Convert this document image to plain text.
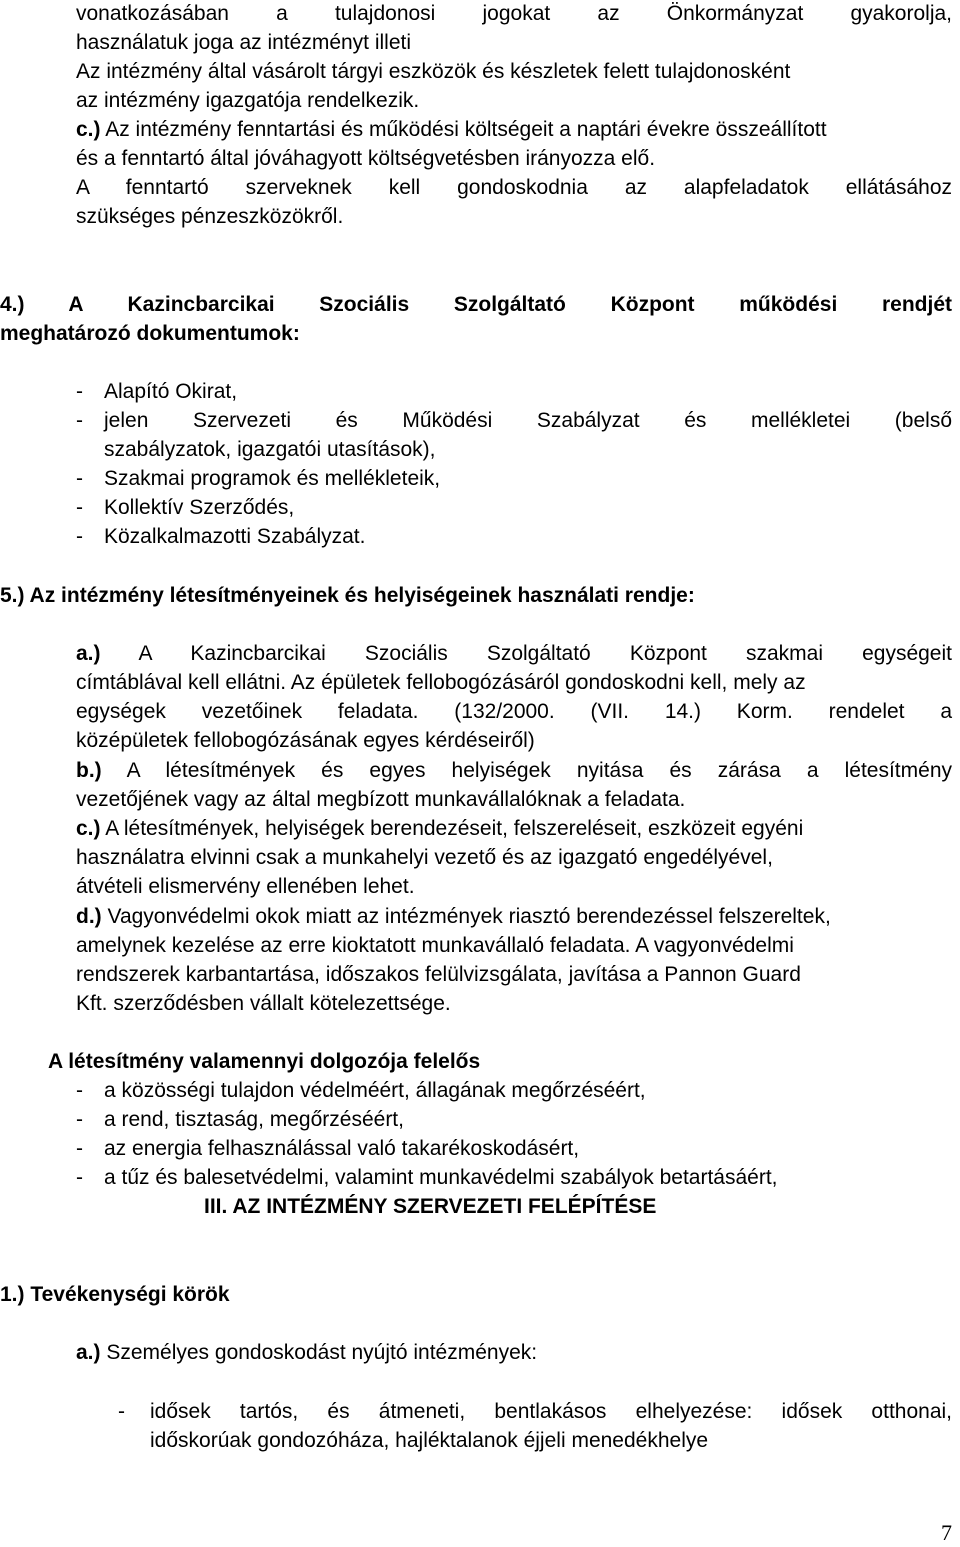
vonatkozásában a tulajdonosi jogokat az Önkormányzat gyakorolja,
használatuk joga az intézményt illeti
Az intézmény által vásárolt tárgyi eszközök és készletek felett tulajdonosként
az intézmény igazgatója rendelkezik.
c.) Az intézmény fenntartási és működési költségeit a naptári évekre összeállított
és a fenntartó által jóváhagyott költségvetésben irányozza elő.
A fenntartó szerveknek kell gondoskodnia az alapfeladatok ellátásához
szükséges pénzeszközökről.
4.) A Kazincbarcikai Szociális Szolgáltató Központ működési rendjét
meghatározó dokumentumok:
- Alapító Okirat,
- jelen Szervezeti és Működési Szabályzat és mellékletei (belső
szabályzatok, igazgatói utasítások),
- Szakmai programok és mellékleteik,
- Kollektív Szerződés,
- Közalkalmazotti Szabályzat.
5.) Az intézmény létesítményeinek és helyiségeinek használati rendje:
a.) A Kazincbarcikai Szociális Szolgáltató Központ szakmai egységeit
címtáblával kell ellátni. Az épületek fellobogózásáról gondoskodni kell, mely az
egységek vezetőinek feladata. (132/2000. (VII. 14.) Korm. rendelet a
középületek fellobogózásának egyes kérdéseiről)
b.) A létesítmények és egyes helyiségek nyitása és zárása a létesítmény
vezetőjének vagy az által megbízott munkavállalóknak a feladata.
c.) A létesítmények, helyiségek berendezéseit, felszereléseit, eszközeit egyéni
használatra elvinni csak a munkahelyi vezető és az igazgató engedélyével,
átvételi elismervény ellenében lehet.
d.) Vagyonvédelmi okok miatt az intézmények riasztó berendezéssel felszereltek,
amelynek kezelése az erre kioktatott munkavállaló feladata. A vagyonvédelmi
rendszerek karbantartása, időszakos felülvizsgálata, javítása a Pannon Guard
Kft. szerződésben vállalt kötelezettsége.
A létesítmény valamennyi dolgozója felelős
- a közösségi tulajdon védelméért, állagának megőrzéséért,
- a rend, tisztaság, megőrzéséért,
- az energia felhasználással való takarékoskodásért,
- a tűz és balesetvédelmi, valamint munkavédelmi szabályok betartásáért,
III. AZ INTÉZMÉNY SZERVEZETI FELÉPÍTÉSE
1.) Tevékenységi körök
a.) Személyes gondoskodást nyújtó intézmények:
- idősek tartós, és átmeneti, bentlakásos elhelyezése: idősek otthonai,
időskorúak gondozóháza, hajléktalanok éjjeli menedékhelye
7
